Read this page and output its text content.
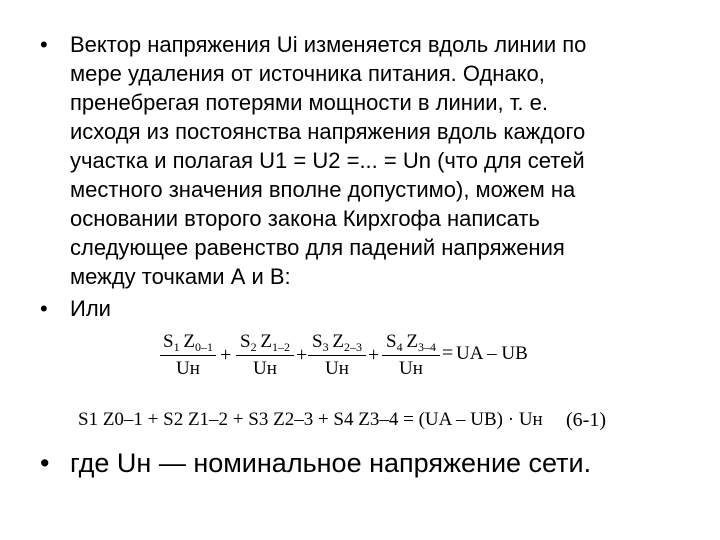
•	Вектор напряжения Ui изменяется вдоль линии по
мере удаления от источника питания. Однако,
пренебрегая потерями мощности в линии, т. е.
исходя из постоянства напряжения вдоль каждого
участка и полагая U1 = U2 =... = Un (что для сетей
местного значения вполне допустимо), можем на
основании второго закона Кирхгофа написать
следующее равенство для падений напряжения
между точками А и В:
•	Или
$S_1$  $Z_{0-1}$
Uн
+
$S_2$  $Z_{1-2}$
Uн
+
$S_3$  $Z_{2-3}$
Uн
+
$S_4$  $Z_{3-4}$
Uн
= UA – UB
S1 Z0–1 + S2 Z1–2 + S3 Z2–3 + S4 Z3–4 = (UA – UB) · Uн (6-1)
• где Uн — номинальное напряжение сети.
